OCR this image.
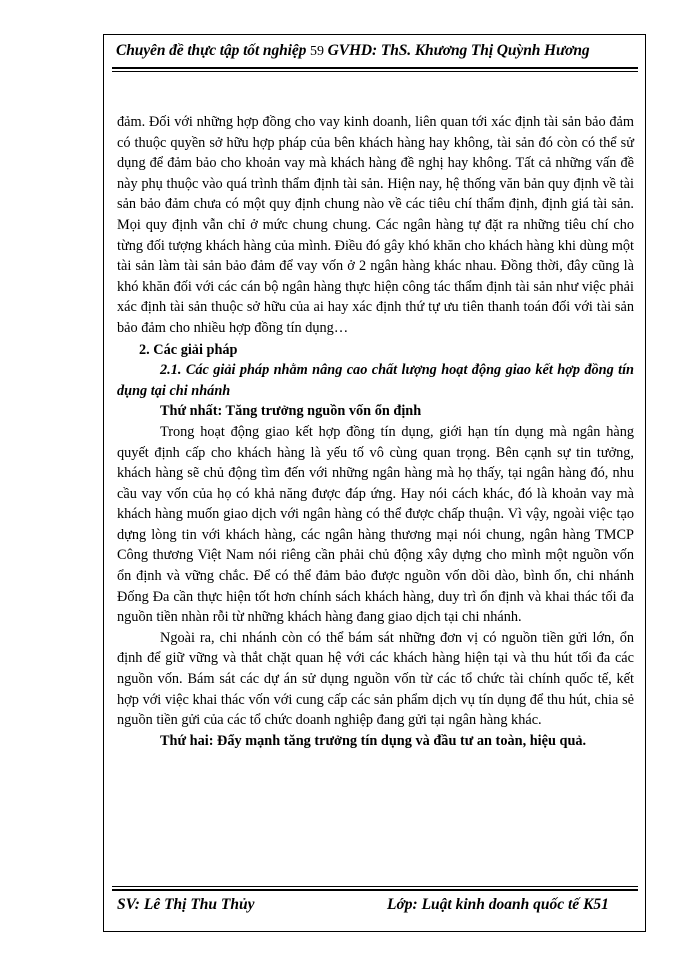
Chuyên đề thực tập tốt nghiệp 59 GVHD: ThS. Khương Thị Quỳnh Hương

đảm. Đối với những hợp đồng cho vay kinh doanh, liên quan tới xác định tài sản bảo đảm có thuộc quyền sở hữu hợp pháp của bên khách hàng hay không, tài sản đó còn có thể sử dụng để đảm bảo cho khoản vay mà khách hàng đề nghị hay không. Tất cả những vấn đề này phụ thuộc vào quá trình thẩm định tài sản. Hiện nay, hệ thống văn bản quy định về tài sản bảo đảm chưa có một quy định chung nào về các tiêu chí thẩm định, định giá tài sản. Mọi quy định vẫn chỉ ở mức chung chung. Các ngân hàng tự đặt ra những tiêu chí cho từng đối tượng khách hàng của mình. Điều đó gây khó khăn cho khách hàng khi dùng một tài sản làm tài sản bảo đảm để vay vốn ở 2 ngân hàng khác nhau. Đồng thời, đây cũng là khó khăn đối với các cán bộ ngân hàng thực hiện công tác thẩm định tài sản như việc phải xác định tài sản thuộc sở hữu của ai hay xác định thứ tự ưu tiên thanh toán đối với tài sản bảo đảm cho nhiều hợp đồng tín dụng…

2. Các giải pháp

2.1. Các giải pháp nhằm nâng cao chất lượng hoạt động giao kết hợp đồng tín dụng tại chi nhánh

Thứ nhất: Tăng trưởng nguồn vốn ổn định

Trong hoạt động giao kết hợp đồng tín dụng, giới hạn tín dụng mà ngân hàng quyết định cấp cho khách hàng là yếu tố vô cùng quan trọng. Bên cạnh sự tin tưởng, khách hàng sẽ chủ động tìm đến với những ngân hàng mà họ thấy, tại ngân hàng đó, nhu cầu vay vốn của họ có khả năng được đáp ứng. Hay nói cách khác, đó là khoản vay mà khách hàng muốn giao dịch với ngân hàng có thể được chấp thuận. Vì vậy, ngoài việc tạo dựng lòng tin với khách hàng, các ngân hàng thương mại nói chung, ngân hàng TMCP Công thương Việt Nam nói riêng cần phải chủ động xây dựng cho mình một nguồn vốn ổn định và vững chắc. Để có thể đảm bảo được nguồn vốn dồi dào, bình ổn, chi nhánh Đống Đa cần thực hiện tốt hơn chính sách khách hàng, duy trì ổn định và khai thác tối đa nguồn tiền nhàn rỗi từ những khách hàng đang giao dịch tại chi nhánh.

Ngoài ra, chi nhánh còn có thể bám sát những đơn vị có nguồn tiền gửi lớn, ổn định để giữ vững và thắt chặt quan hệ với các khách hàng hiện tại và thu hút tối đa các nguồn vốn. Bám sát các dự án sử dụng nguồn vốn từ các tổ chức tài chính quốc tế, kết hợp với việc khai thác vốn với cung cấp các sản phẩm dịch vụ tín dụng để thu hút, chia sẻ nguồn tiền gửi của các tổ chức doanh nghiệp đang gửi tại ngân hàng khác.

Thứ hai: Đẩy mạnh tăng trưởng tín dụng và đầu tư an toàn, hiệu quả.

SV: Lê Thị Thu Thủy	Lớp: Luật kinh doanh quốc tế K51
